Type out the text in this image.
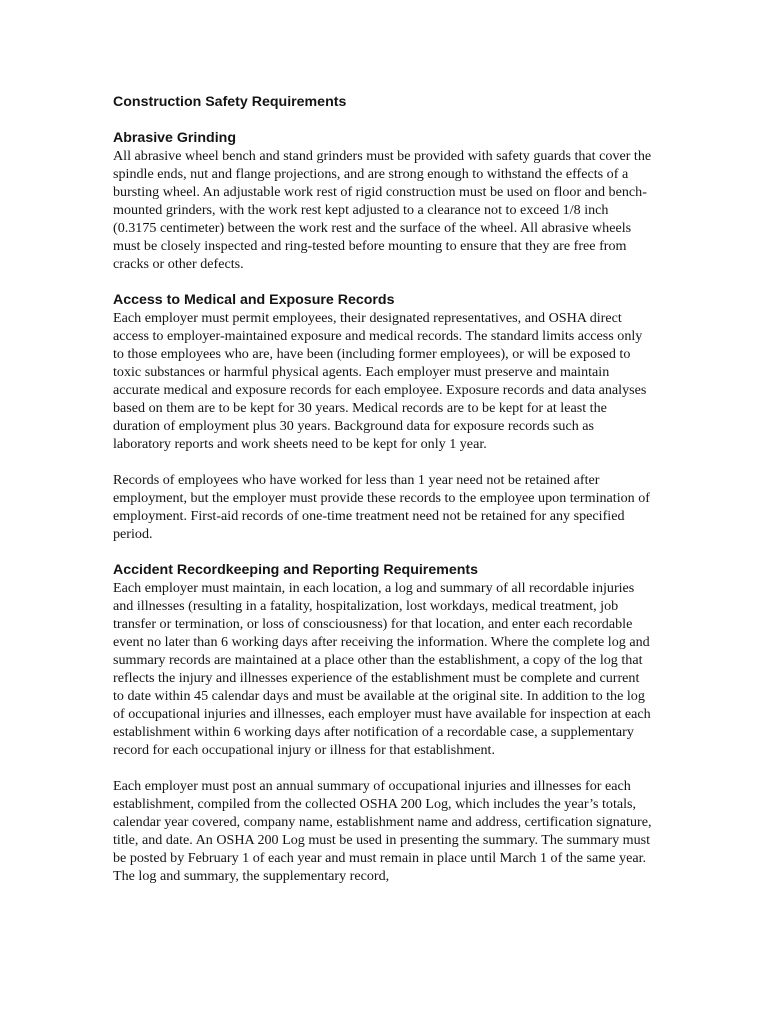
Construction Safety Requirements
Abrasive Grinding

All abrasive wheel bench and stand grinders must be provided with safety guards that cover the spindle ends, nut and flange projections, and are strong enough to withstand the effects of a bursting wheel. An adjustable work rest of rigid construction must be used on floor and bench-mounted grinders, with the work rest kept adjusted to a clearance not to exceed 1/8 inch (0.3175 centimeter) between the work rest and the surface of the wheel. All abrasive wheels must be closely inspected and ring-tested before mounting to ensure that they are free from cracks or other defects.

Access to Medical and Exposure Records

Each employer must permit employees, their designated representatives, and OSHA direct access to employer-maintained exposure and medical records. The standard limits access only to those employees who are, have been (including former employees), or will be exposed to toxic substances or harmful physical agents. Each employer must preserve and maintain accurate medical and exposure records for each employee. Exposure records and data analyses based on them are to be kept for 30 years. Medical records are to be kept for at least the duration of employment plus 30 years. Background data for exposure records such as laboratory reports and work sheets need to be kept for only 1 year.

Records of employees who have worked for less than 1 year need not be retained after employment, but the employer must provide these records to the employee upon termination of employment. First-aid records of one-time treatment need not be retained for any specified period.

Accident Recordkeeping and Reporting Requirements

Each employer must maintain, in each location, a log and summary of all recordable injuries and illnesses (resulting in a fatality, hospitalization, lost workdays, medical treatment, job transfer or termination, or loss of consciousness) for that location, and enter each recordable event no later than 6 working days after receiving the information. Where the complete log and summary records are maintained at a place other than the establishment, a copy of the log that reflects the injury and illnesses experience of the establishment must be complete and current to date within 45 calendar days and must be available at the original site. In addition to the log of occupational injuries and illnesses, each employer must have available for inspection at each establishment within 6 working days after notification of a recordable case, a supplementary record for each occupational injury or illness for that establishment.

Each employer must post an annual summary of occupational injuries and illnesses for each establishment, compiled from the collected OSHA 200 Log, which includes the year’s totals, calendar year covered, company name, establishment name and address, certification signature, title, and date. An OSHA 200 Log must be used in presenting the summary. The summary must be posted by February 1 of each year and must remain in place until March 1 of the same year. The log and summary, the supplementary record,
